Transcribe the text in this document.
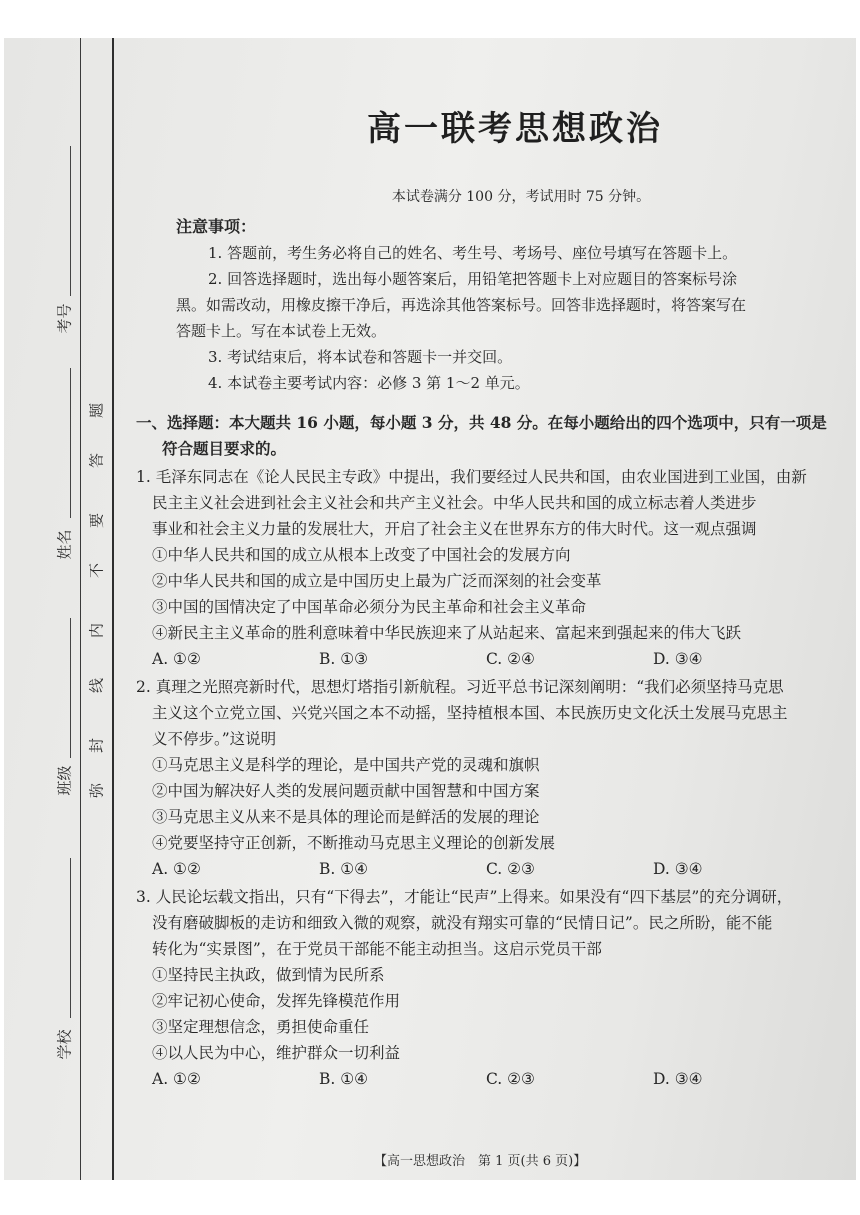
考号
姓名
班级
学校
题
答
要
不
内
线
封
弥
高一联考思想政治
本试卷满分 100 分，考试用时 75 分钟。
注意事项：

1. 答题前，考生务必将自己的姓名、考生号、考场号、座位号填写在答题卡上。

2. 回答选择题时，选出每小题答案后，用铅笔把答题卡上对应题目的答案标号涂

黑。如需改动，用橡皮擦干净后，再选涂其他答案标号。回答非选择题时，将答案写在

答题卡上。写在本试卷上无效。

3. 考试结束后，将本试卷和答题卡一并交回。

4. 本试卷主要考试内容：必修 3 第 1～2 单元。

一、选择题：本大题共 16 小题，每小题 3 分，共 48 分。在每小题给出的四个选项中，只有一项是
符合题目要求的。

1. 毛泽东同志在《论人民民主专政》中提出，我们要经过人民共和国，由农业国进到工业国，由新

民主主义社会进到社会主义社会和共产主义社会。中华人民共和国的成立标志着人类进步

事业和社会主义力量的发展壮大，开启了社会主义在世界东方的伟大时代。这一观点强调

①中华人民共和国的成立从根本上改变了中国社会的发展方向

②中华人民共和国的成立是中国历史上最为广泛而深刻的社会变革

③中国的国情决定了中国革命必须分为民主革命和社会主义革命

④新民主主义革命的胜利意味着中华民族迎来了从站起来、富起来到强起来的伟大飞跃

A. ①②	B. ①③	C. ②④	D. ③④

2. 真理之光照亮新时代，思想灯塔指引新航程。习近平总书记深刻阐明：“我们必须坚持马克思

主义这个立党立国、兴党兴国之本不动摇，坚持植根本国、本民族历史文化沃土发展马克思主

义不停步。”这说明

①马克思主义是科学的理论，是中国共产党的灵魂和旗帜

②中国为解决好人类的发展问题贡献中国智慧和中国方案

③马克思主义从来不是具体的理论而是鲜活的发展的理论

④党要坚持守正创新，不断推动马克思主义理论的创新发展

A. ①②	B. ①④	C. ②③	D. ③④

3. 人民论坛载文指出，只有“下得去”，才能让“民声”上得来。如果没有“四下基层”的充分调研，

没有磨破脚板的走访和细致入微的观察，就没有翔实可靠的“民情日记”。民之所盼，能不能

转化为“实景图”，在于党员干部能不能主动担当。这启示党员干部

①坚持民主执政，做到情为民所系

②牢记初心使命，发挥先锋模范作用

③坚定理想信念，勇担使命重任

④以人民为中心，维护群众一切利益

A. ①②	B. ①④	C. ②③	D. ③④
【高一思想政治　第 1 页(共 6 页)】
